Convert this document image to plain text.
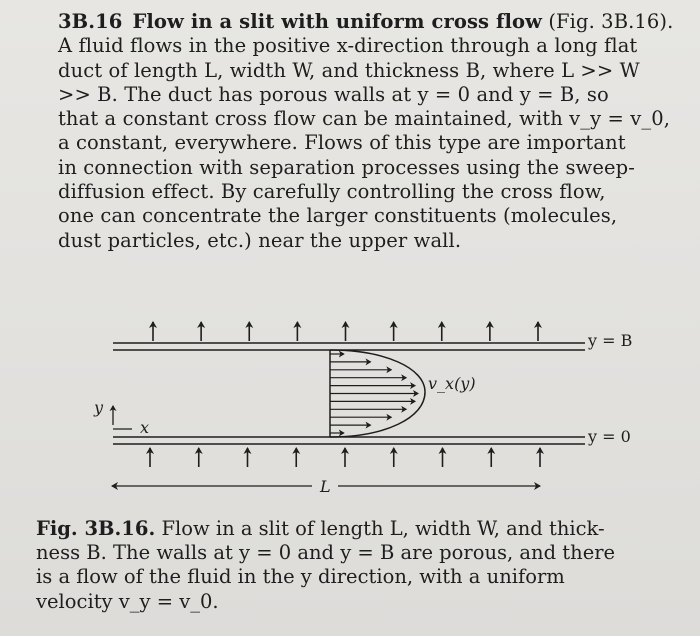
3B.16 Flow in a slit with uniform cross flow (Fig. 3B.16).
A fluid flows in the positive x-direction through a long flat
duct of length L, width W, and thickness B, where L >> W
>> B. The duct has porous walls at y = 0 and y = B, so
that a constant cross flow can be maintained, with v_y = v_0,
a constant, everywhere. Flows of this type are important
in connection with separation processes using the sweep-
diffusion effect. By carefully controlling the cross flow,
one can concentrate the larger constituents (molecules,
dust particles, etc.) near the upper wall.
v_x(y)
y = B
y = 0
y
x
L
Fig. 3B.16. Flow in a slit of length L, width W, and thick-
ness B. The walls at y = 0 and y = B are porous, and there
is a flow of the fluid in the y direction, with a uniform
velocity v_y = v_0.
